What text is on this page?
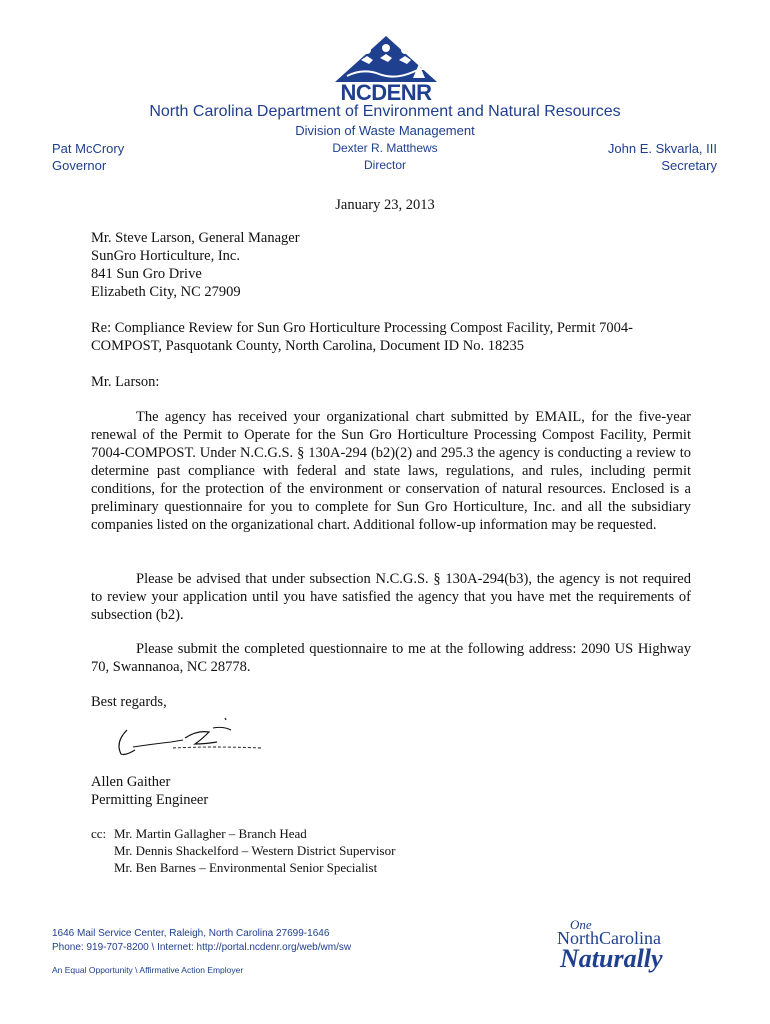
NCDENR
North Carolina Department of Environment and Natural Resources
Division of Waste Management
Dexter R. Matthews
Director
Pat McCrory
Governor
John E. Skvarla, III
Secretary
January 23, 2013
Mr. Steve Larson, General Manager
SunGro Horticulture, Inc.
841 Sun Gro Drive
Elizabeth City, NC 27909
Re: Compliance Review for Sun Gro Horticulture Processing Compost Facility, Permit 7004-COMPOST, Pasquotank County, North Carolina, Document ID No. 18235
Mr. Larson:
The agency has received your organizational chart submitted by EMAIL, for the five-year renewal of the Permit to Operate for the Sun Gro Horticulture Processing Compost Facility, Permit 7004-COMPOST. Under N.C.G.S. § 130A-294 (b2)(2) and 295.3 the agency is conducting a review to determine past compliance with federal and state laws, regulations, and rules, including permit conditions, for the protection of the environment or conservation of natural resources. Enclosed is a preliminary questionnaire for you to complete for Sun Gro Horticulture, Inc. and all the subsidiary companies listed on the organizational chart. Additional follow-up information may be requested.
Please be advised that under subsection N.C.G.S. § 130A-294(b3), the agency is not required to review your application until you have satisfied the agency that you have met the requirements of subsection (b2).
Please submit the completed questionnaire to me at the following address: 2090 US Highway 70, Swannanoa, NC 28778.
Best regards,
Allen Gaither
Permitting Engineer
cc: Mr. Martin Gallagher – Branch Head
Mr. Dennis Shackelford – Western District Supervisor
Mr. Ben Barnes – Environmental Senior Specialist
1646 Mail Service Center, Raleigh, North Carolina 27699-1646
Phone: 919-707-8200 \ Internet: http://portal.ncdenr.org/web/wm/sw
An Equal Opportunity \ Affirmative Action Employer
One
NorthCarolina
Naturally
